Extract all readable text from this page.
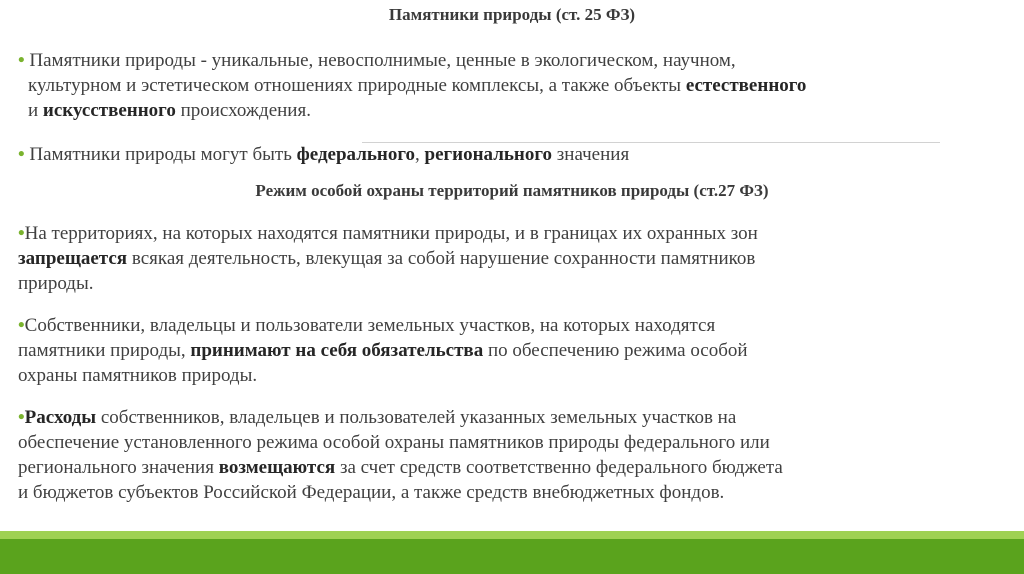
Памятники природы (ст. 25 ФЗ)
• Памятники природы - уникальные, невосполнимые, ценные в экологическом, научном,
культурном и эстетическом отношениях природные комплексы, а также объекты естественного
и искусственного происхождения.
• Памятники природы могут быть федерального, регионального значения
Режим особой охраны территорий памятников природы (ст.27 ФЗ)
•На территориях, на которых находятся памятники природы, и в границах их охранных зон
запрещается всякая деятельность, влекущая за собой нарушение сохранности памятников
природы.
•Собственники, владельцы и пользователи земельных участков, на которых находятся
памятники природы, принимают на себя обязательства по обеспечению режима особой
охраны памятников природы.
•Расходы собственников, владельцев и пользователей указанных земельных участков на
обеспечение установленного режима особой охраны памятников природы федерального или
регионального значения возмещаются за счет средств соответственно федерального бюджета
и бюджетов субъектов Российской Федерации, а также средств внебюджетных фондов.
